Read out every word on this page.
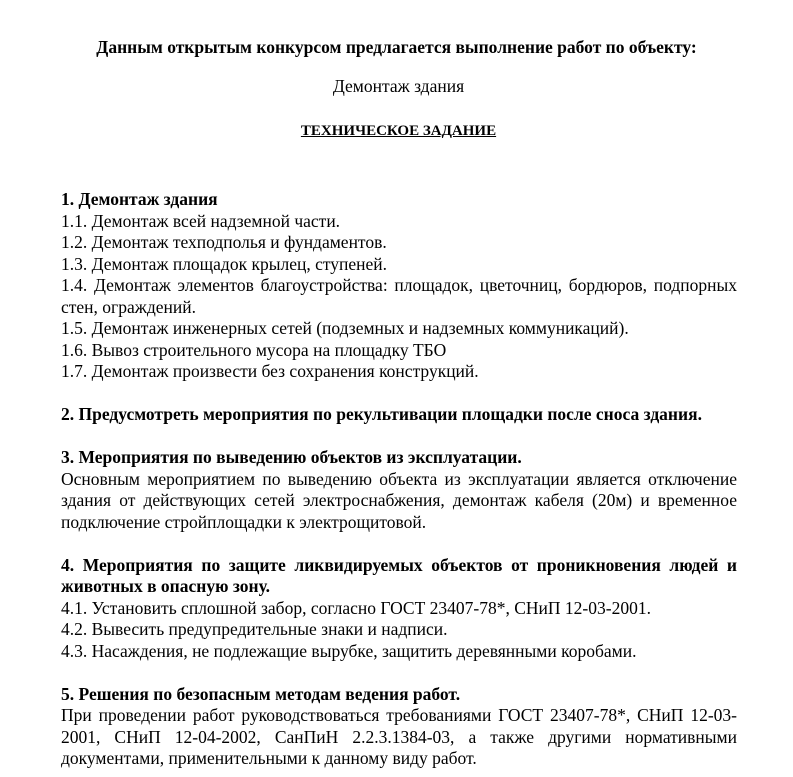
Данным открытым конкурсом предлагается выполнение работ по объекту:
Демонтаж здания
ТЕХНИЧЕСКОЕ ЗАДАНИЕ
1. Демонтаж здания
1.1. Демонтаж всей надземной части.
1.2. Демонтаж техподполья и фундаментов.
1.3. Демонтаж площадок крылец, ступеней.
1.4. Демонтаж элементов благоустройства: площадок, цветочниц, бордюров, подпорных стен, ограждений.
1.5. Демонтаж инженерных сетей (подземных и надземных коммуникаций).
1.6. Вывоз строительного мусора на площадку ТБО
1.7. Демонтаж произвести без сохранения конструкций.
2. Предусмотреть мероприятия по рекультивации площадки после сноса здания.
3. Мероприятия по выведению объектов из эксплуатации.
Основным мероприятием по выведению объекта из эксплуатации является отключение здания от действующих сетей электроснабжения, демонтаж кабеля (20м) и временное подключение стройплощадки к электрощитовой.
4. Мероприятия по защите ликвидируемых объектов от проникновения людей и животных в опасную зону.
4.1. Установить сплошной забор, согласно ГОСТ 23407-78*, СНиП 12-03-2001.
4.2. Вывесить предупредительные знаки и надписи.
4.3. Насаждения, не подлежащие вырубке, защитить деревянными коробами.
5. Решения по безопасным методам ведения работ.
При проведении работ руководствоваться требованиями ГОСТ 23407-78*, СНиП 12-03-2001, СНиП 12-04-2002, СанПиН 2.2.3.1384-03, а также другими нормативными документами, применительными к данному виду работ.
